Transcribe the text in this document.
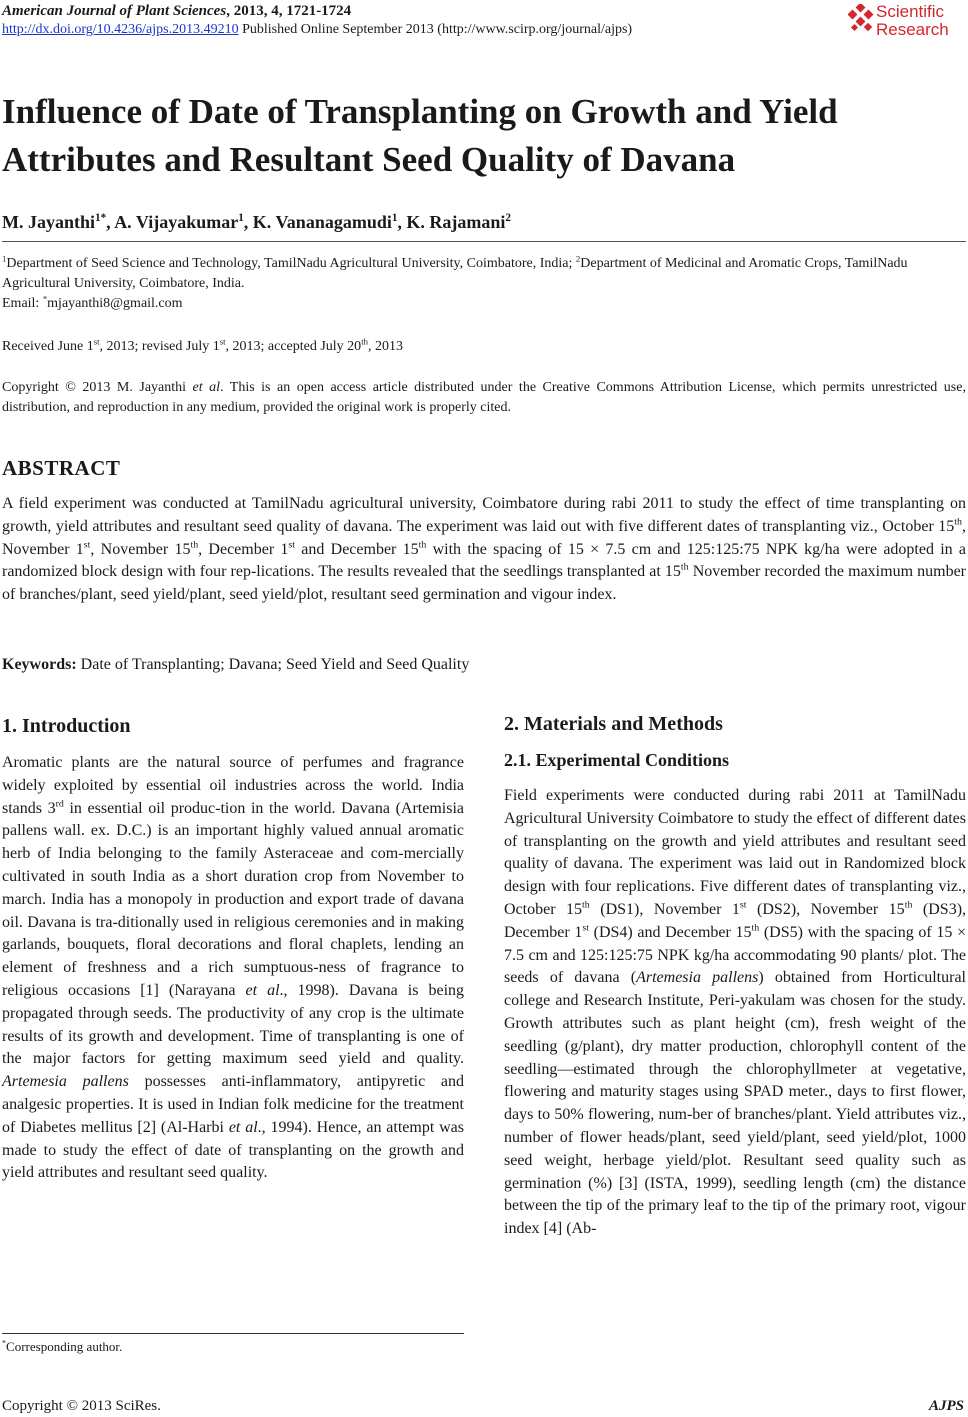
American Journal of Plant Sciences, 2013, 4, 1721-1724
http://dx.doi.org/10.4236/ajps.2013.49210 Published Online September 2013 (http://www.scirp.org/journal/ajps)
Scientific
Research
Influence of Date of Transplanting on Growth and Yield Attributes and Resultant Seed Quality of Davana
M. Jayanthi$^{1*}$, A. Vijayakumar$^1$, K. Vananagamudi$^1$, K. Rajamani$^2$

$^1$Department of Seed Science and Technology, TamilNadu Agricultural University, Coimbatore, India; $^2$Department of Medicinal and Aromatic Crops, TamilNadu Agricultural University, Coimbatore, India.

Email: *mjayanthi8@gmail.com

Received June 1st, 2013; revised July 1st, 2013; accepted July 20th, 2013
Copyright © 2013 M. Jayanthi et al. This is an open access article distributed under the Creative Commons Attribution License, which permits unrestricted use, distribution, and reproduction in any medium, provided the original work is properly cited.
ABSTRACT

A field experiment was conducted at TamilNadu agricultural university, Coimbatore during rabi 2011 to study the effect of time transplanting on growth, yield attributes and resultant seed quality of davana. The experiment was laid out with five different dates of transplanting viz., October 15th, November 1st, November 15th, December 1st and December 15th with the spacing of 15 × 7.5 cm and 125:125:75 NPK kg/ha were adopted in a randomized block design with four rep-lications. The results revealed that the seedlings transplanted at 15th November recorded the maximum number of branches/plant, seed yield/plant, seed yield/plot, resultant seed germination and vigour index.

Keywords: Date of Transplanting; Davana; Seed Yield and Seed Quality
1. Introduction

Aromatic plants are the natural source of perfumes and fragrance widely exploited by essential oil industries across the world. India stands 3rd in essential oil produc-tion in the world. Davana (Artemisia pallens wall. ex. D.C.) is an important highly valued annual aromatic herb of India belonging to the family Asteraceae and com-mercially cultivated in south India as a short duration crop from November to march. India has a monopoly in production and export trade of davana oil. Davana is tra-ditionally used in religious ceremonies and in making garlands, bouquets, floral decorations and floral chaplets, lending an element of freshness and a rich sumptuous-ness of fragrance to religious occasions [1] (Narayana et al., 1998). Davana is being propagated through seeds. The productivity of any crop is the ultimate results of its growth and development. Time of transplanting is one of the major factors for getting maximum seed yield and quality. Artemesia pallens possesses anti-inflammatory, antipyretic and analgesic properties. It is used in Indian folk medicine for the treatment of Diabetes mellitus [2] (Al-Harbi et al., 1994). Hence, an attempt was made to study the effect of date of transplanting on the growth and yield attributes and resultant seed quality.

2. Materials and Methods
2.1. Experimental Conditions

Field experiments were conducted during rabi 2011 at TamilNadu Agricultural University Coimbatore to study the effect of different dates of transplanting on the growth and yield attributes and resultant seed quality of davana. The experiment was laid out in Randomized block design with four replications. Five different dates of transplanting viz., October 15th (DS1), November 1st (DS2), November 15th (DS3), December 1st (DS4) and December 15th (DS5) with the spacing of 15 × 7.5 cm and 125:125:75 NPK kg/ha accommodating 90 plants/ plot. The seeds of davana (Artemesia pallens) obtained from Horticultural college and Research Institute, Peri-yakulam was chosen for the study. Growth attributes such as plant height (cm), fresh weight of the seedling (g/plant), dry matter production, chlorophyll content of the seedling—estimated through the chlorophyllmeter at vegetative, flowering and maturity stages using SPAD meter., days to first flower, days to 50% flowering, num-ber of branches/plant. Yield attributes viz., number of flower heads/plant, seed yield/plant, seed yield/plot, 1000 seed weight, herbage yield/plot. Resultant seed quality such as germination (%) [3] (ISTA, 1999), seedling length (cm) the distance between the tip of the primary leaf to the tip of the primary root, vigour index [4] (Ab-

*Corresponding author.
Copyright © 2013 SciRes.	AJPS
